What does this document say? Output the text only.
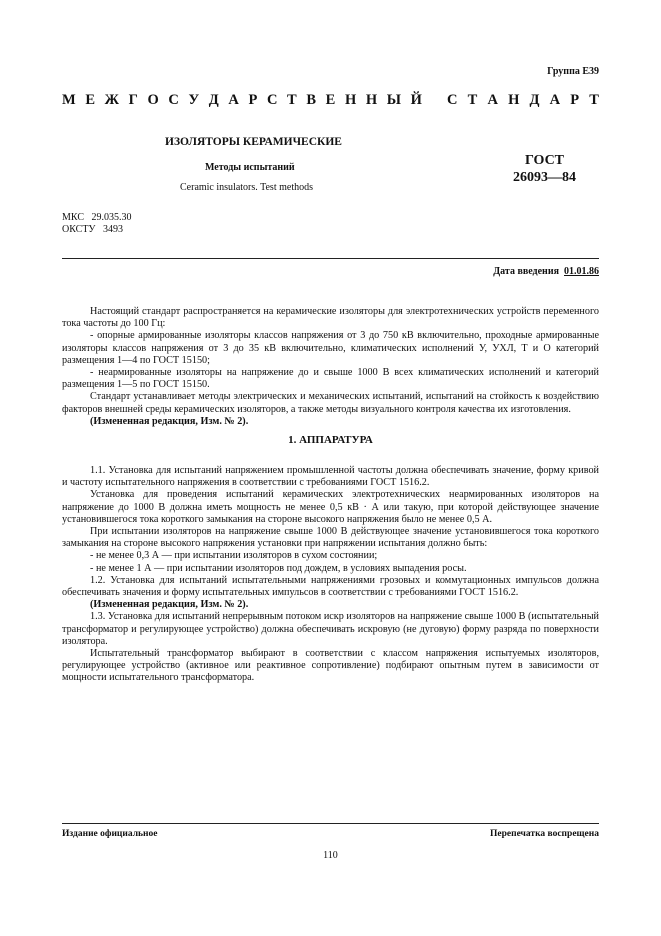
Группа Е39
М Е Ж Г О С У Д А Р С Т В Е Н Н Ы Й С Т А Н Д А Р Т
ИЗОЛЯТОРЫ КЕРАМИЧЕСКИЕ
Методы испытаний
Ceramic insulators. Test methods
ГОСТ
26093—84
МКС   29.035.30
ОКСТУ   3493
Дата введения 01.01.86

Настоящий стандарт распространяется на керамические изоляторы для электротехнических устройств переменного тока частоты до 100 Гц:

- опорные армированные изоляторы классов напряжения от 3 до 750 кВ включительно, проходные армированные изоляторы классов напряжения от 3 до 35 кВ включительно, климатических исполнений У, УХЛ, Т и О категорий размещения 1—4 по ГОСТ 15150;

- неармированные изоляторы на напряжение до и свыше 1000 В всех климатических исполнений и категорий размещения 1—5 по ГОСТ 15150.

Стандарт устанавливает методы электрических и механических испытаний, испытаний на стойкость к воздействию факторов внешней среды керамических изоляторов, а также методы визуального контроля качества их изготовления.

(Измененная редакция, Изм. № 2).

1. АППАРАТУРА

1.1. Установка для испытаний напряжением промышленной частоты должна обеспечивать значение, форму кривой и частоту испытательного напряжения в соответствии с требованиями ГОСТ 1516.2.

Установка для проведения испытаний керамических электротехнических неармированных изоляторов на напряжение до 1000 В должна иметь мощность не менее 0,5 кВ · А или такую, при которой действующее значение установившегося тока короткого замыкания на стороне высокого напряжения было не менее 0,5 А.

При испытании изоляторов на напряжение свыше 1000 В действующее значение установившегося тока короткого замыкания на стороне высокого напряжения установки при напряжении испытания должно быть:

- не менее 0,3 А — при испытании изоляторов в сухом состоянии;

- не менее 1 А — при испытании изоляторов под дождем, в условиях выпадения росы.

1.2. Установка для испытаний испытательными напряжениями грозовых и коммутационных импульсов должна обеспечивать значения и форму испытательных импульсов в соответствии с требованиями ГОСТ 1516.2.

(Измененная редакция, Изм. № 2).

1.3. Установка для испытаний непрерывным потоком искр изоляторов на напряжение свыше 1000 В (испытательный трансформатор и регулирующее устройство) должна обеспечивать искровую (не дуговую) форму разряда по поверхности изолятора.

Испытательный трансформатор выбирают в соответствии с классом напряжения испытуемых изоляторов, регулирующее устройство (активное или реактивное сопротивление) подбирают опытным путем в зависимости от мощности испытательного трансформатора.

Издание официальное	Перепечатка воспрещена
110
